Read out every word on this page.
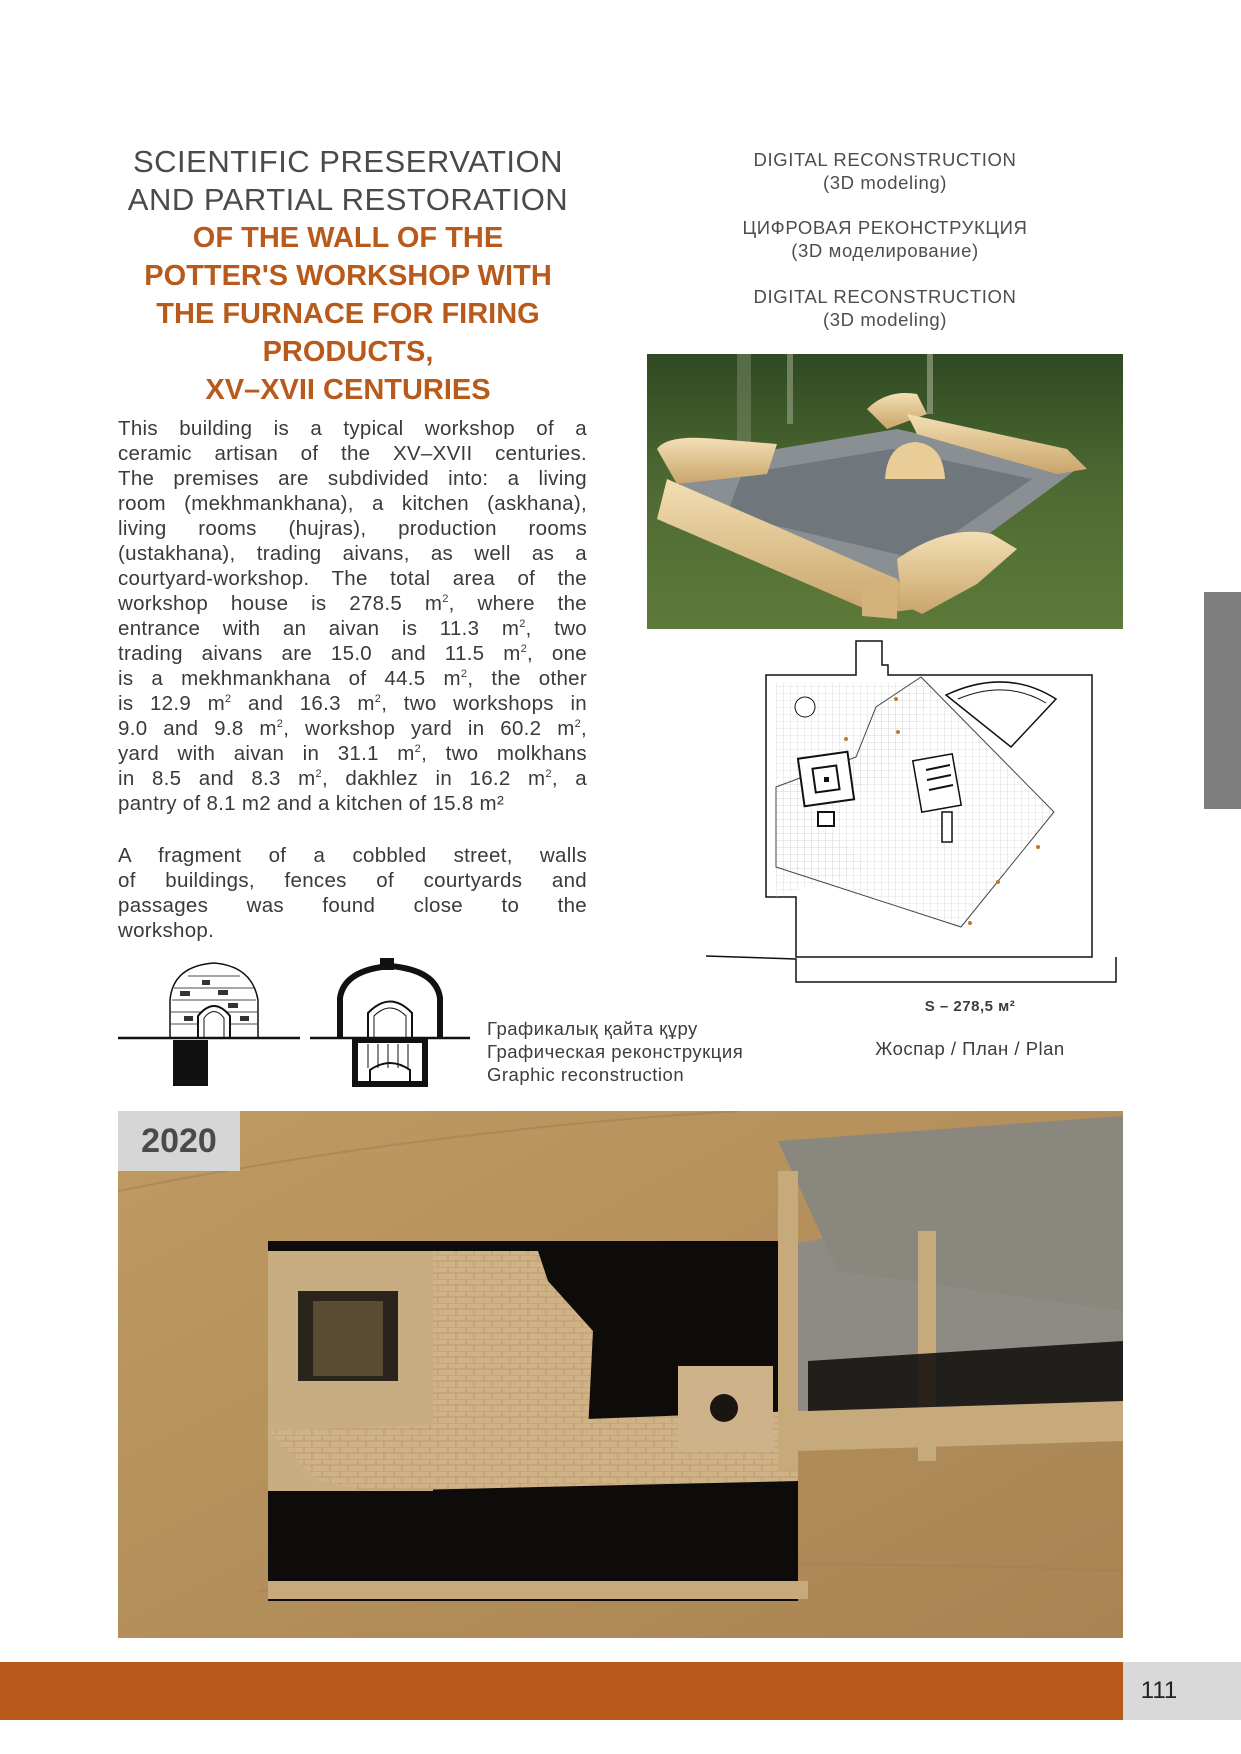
SCIENTIFIC PRESERVATION
AND PARTIAL RESTORATION
OF THE WALL OF THE
POTTER'S WORKSHOP WITH
THE FURNACE FOR FIRING
PRODUCTS,
XV–XVII CENTURIES
This building is a typical workshop of a
ceramic artisan of the XV–XVII centuries.
The premises are subdivided into: a living
room (mekhmankhana), a kitchen (askhana),
living rooms (hujras), production rooms
(ustakhana), trading aivans, as well as a
courtyard-workshop. The total area of the
workshop house is 278.5 $m^2$, where the
entrance with an aivan is 11.3 $m^2$, two
trading aivans are 15.0 and 11.5 $m^2$, one
is a mekhmankhana of 44.5 $m^2$, the other
is 12.9 $m^2$ and 16.3 $m^2$, two workshops in
9.0 and 9.8 $m^2$, workshop yard in 60.2 $m^2$,
yard with aivan in 31.1 $m^2$, two molkhans
in 8.5 and 8.3 $m^2$, dakhlez in 16.2 $m^2$, a
pantry of 8.1 m2 and a kitchen of 15.8 m²
A fragment of a cobbled street, walls
of buildings, fences of courtyards and
passages was found close to the
workshop.
DIGITAL RECONSTRUCTION
(3D modeling)
ЦИФРОВАЯ РЕКОНСТРУКЦИЯ
(3D моделирование)
DIGITAL RECONSTRUCTION
(3D modeling)
S – 278,5 м²
Жоспар / План / Plan
Графикалық қайта құру
Графическая реконструкция
Graphic reconstruction
2020
111
